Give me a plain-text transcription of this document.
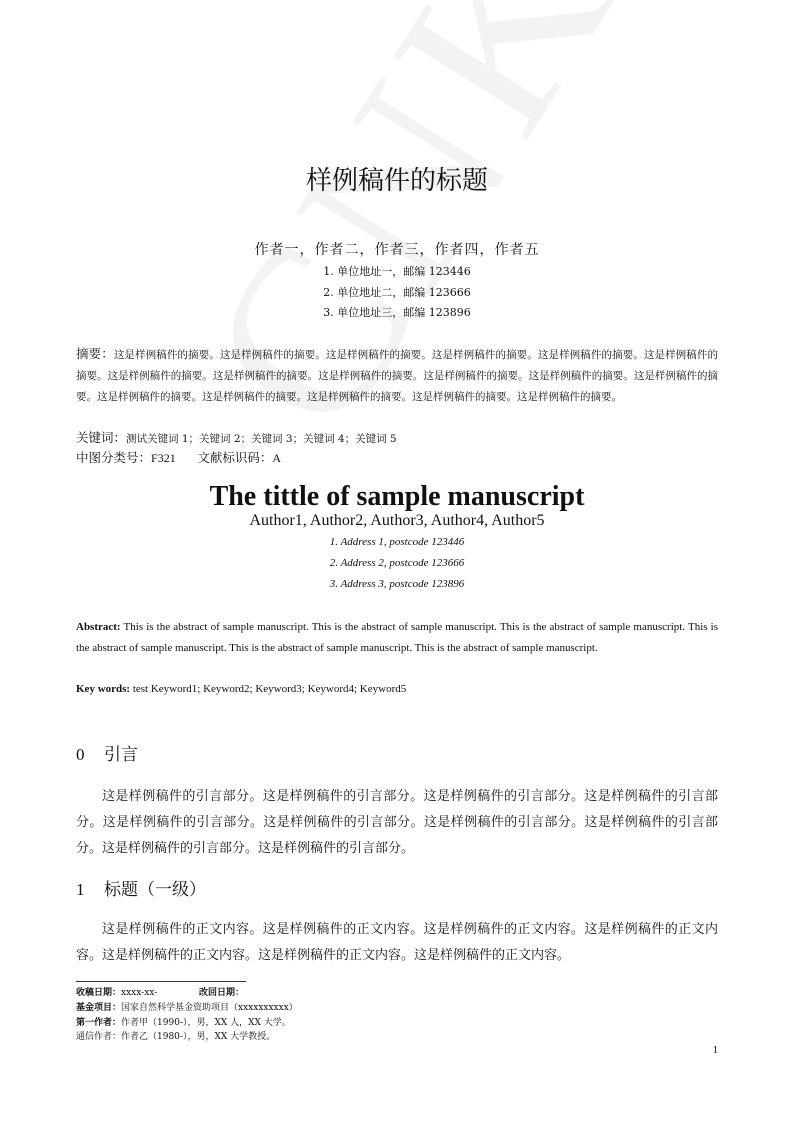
样例稿件的标题
作者一，作者二，作者三，作者四，作者五
1. 单位地址一，邮编 123446
2. 单位地址二，邮编 123666
3. 单位地址三，邮编 123896
摘要：这是样例稿件的摘要。这是样例稿件的摘要。这是样例稿件的摘要。这是样例稿件的摘要。这是样例稿件的摘要。这是样例稿件的摘要。这是样例稿件的摘要。这是样例稿件的摘要。这是样例稿件的摘要。这是样例稿件的摘要。这是样例稿件的摘要。这是样例稿件的摘要。这是样例稿件的摘要。这是样例稿件的摘要。这是样例稿件的摘要。这是样例稿件的摘要。这是样例稿件的摘要。
关键词：测试关键词 1；关键词 2；关键词 3；关键词 4；关键词 5
中图分类号：F321 文献标识码：A
The tittle of sample manuscript
Author1, Author2, Author3, Author4, Author5
1. Address 1, postcode 123446
2. Address 2, postcode 123666
3. Address 3, postcode 123896
Abstract: This is the abstract of sample manuscript. This is the abstract of sample manuscript. This is the abstract of sample manuscript. This is the abstract of sample manuscript. This is the abstract of sample manuscript. This is the abstract of sample manuscript.
Key words: test Keyword1; Keyword2; Keyword3; Keyword4; Keyword5
0 引言
这是样例稿件的引言部分。这是样例稿件的引言部分。这是样例稿件的引言部分。这是样例稿件的引言部分。这是样例稿件的引言部分。这是样例稿件的引言部分。这是样例稿件的引言部分。这是样例稿件的引言部分。这是样例稿件的引言部分。这是样例稿件的引言部分。
1 标题（一级）
这是样例稿件的正文内容。这是样例稿件的正文内容。这是样例稿件的正文内容。这是样例稿件的正文内容。这是样例稿件的正文内容。这是样例稿件的正文内容。这是样例稿件的正文内容。
收稿日期：xxxx-xx-	改回日期：
基金项目：国家自然科学基金资助项目（xxxxxxxxxx）
第一作者：作者甲（1990-），男，XX 人，XX 大学。
通信作者：作者乙（1980-），男，XX 大学教授。
1
